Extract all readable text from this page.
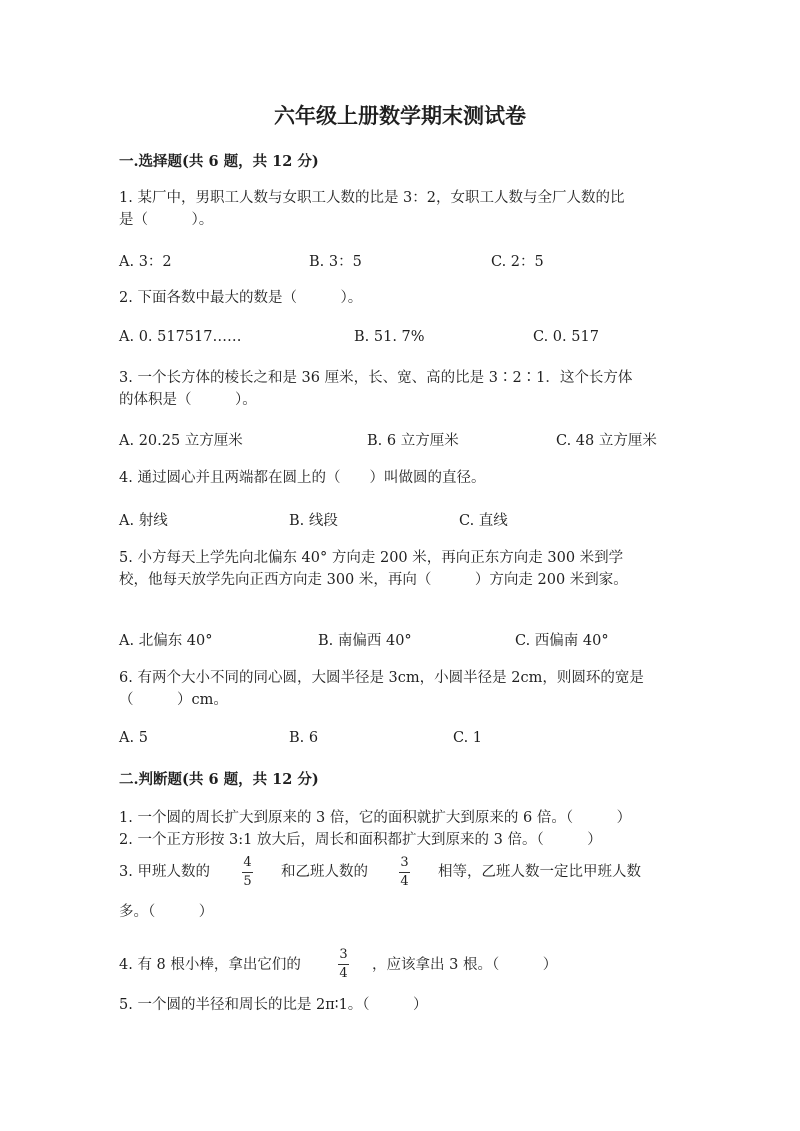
六年级上册数学期末测试卷
一.选择题(共 6 题，共 12 分)
1. 某厂中，男职工人数与女职工人数的比是 3：2，女职工人数与全厂人数的比
是（　　　）。
A. 3：2	B. 3：5	C. 2：5
2. 下面各数中最大的数是（　　　）。
A. 0. 517517……	B. 51. 7%	C. 0. 517
3. 一个长方体的棱长之和是 36 厘米，长、宽、高的比是 3∶2∶1．这个长方体
的体积是（　　　）。
A. 20.25 立方厘米	B. 6 立方厘米	C. 48 立方厘米
4. 通过圆心并且两端都在圆上的（　　）叫做圆的直径。
A. 射线	B. 线段	C. 直线
5. 小方每天上学先向北偏东 40° 方向走 200 米，再向正东方向走 300 米到学
校，他每天放学先向正西方向走 300 米，再向（　　　）方向走 200 米到家。
A. 北偏东 40°	B. 南偏西 40°	C. 西偏南 40°
6. 有两个大小不同的同心圆，大圆半径是 3cm，小圆半径是 2cm，则圆环的宽是
（　　　）cm。
A. 5	B. 6	C. 1
二.判断题(共 6 题，共 12 分)
1. 一个圆的周长扩大到原来的 3 倍，它的面积就扩大到原来的 6 倍。（　　　）
2. 一个正方形按 3:1 放大后，周长和面积都扩大到原来的 3 倍。（　　　）
3. 甲班人数的
4
5
和乙班人数的
3
4
相等，乙班人数一定比甲班人数
多。（　　　）
4. 有 8 根小棒，拿出它们的
3
4
，应该拿出 3 根。（　　　）
5. 一个圆的半径和周长的比是 2π∶1。（　　　）
